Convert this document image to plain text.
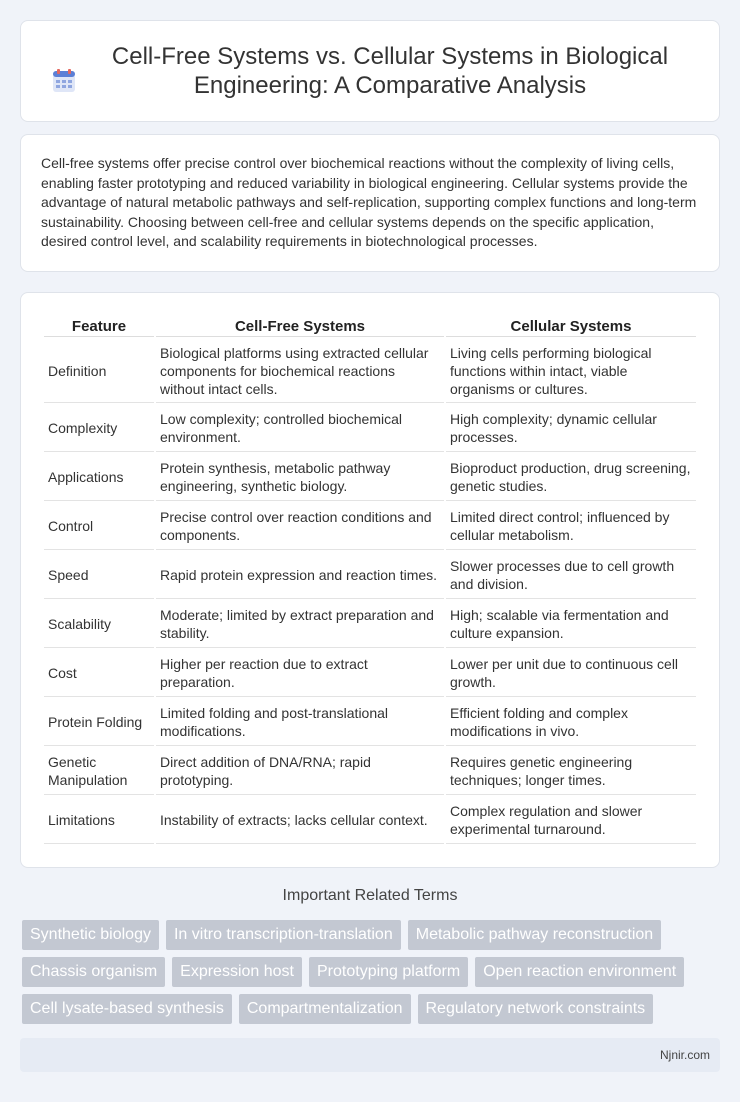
Cell-Free Systems vs. Cellular Systems in Biological Engineering: A Comparative Analysis

Cell-free systems offer precise control over biochemical reactions without the complexity of living cells, enabling faster prototyping and reduced variability in biological engineering. Cellular systems provide the advantage of natural metabolic pathways and self-replication, supporting complex functions and long-term sustainability. Choosing between cell-free and cellular systems depends on the specific application, desired control level, and scalability requirements in biotechnological processes.

Feature	Cell-Free Systems	Cellular Systems
Definition	Biological platforms using extracted cellular components for biochemical reactions without intact cells.	Living cells performing biological functions within intact, viable organisms or cultures.
Complexity	Low complexity; controlled biochemical environment.	High complexity; dynamic cellular processes.
Applications	Protein synthesis, metabolic pathway engineering, synthetic biology.	Bioproduct production, drug screening, genetic studies.
Control	Precise control over reaction conditions and components.	Limited direct control; influenced by cellular metabolism.
Speed	Rapid protein expression and reaction times.	Slower processes due to cell growth and division.
Scalability	Moderate; limited by extract preparation and stability.	High; scalable via fermentation and culture expansion.
Cost	Higher per reaction due to extract preparation.	Lower per unit due to continuous cell growth.
Protein Folding	Limited folding and post-translational modifications.	Efficient folding and complex modifications in vivo.
Genetic Manipulation	Direct addition of DNA/RNA; rapid prototyping.	Requires genetic engineering techniques; longer times.
Limitations	Instability of extracts; lacks cellular context.	Complex regulation and slower experimental turnaround.
Important Related Terms
Synthetic biology	In vitro transcription-translation	Metabolic pathway reconstruction
Chassis organism	Expression host	Prototyping platform	Open reaction environment
Cell lysate-based synthesis	Compartmentalization	Regulatory network constraints
Njnir.com
